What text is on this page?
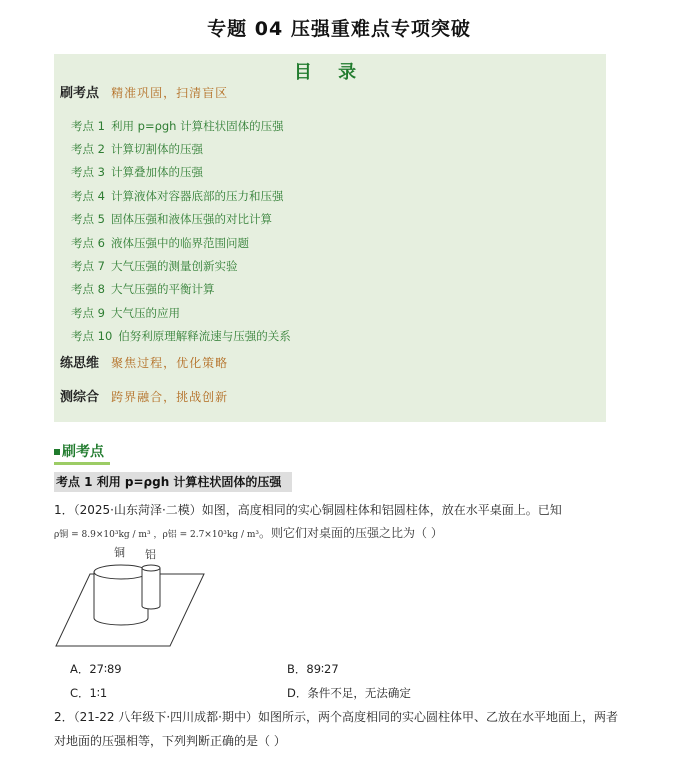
专题 04 压强重难点专项突破
目 录
刷考点 精准巩固，扫清盲区
考点 1 利用 p=ρgh 计算柱状固体的压强
考点 2 计算切割体的压强
考点 3 计算叠加体的压强
考点 4 计算液体对容器底部的压力和压强
考点 5 固体压强和液体压强的对比计算
考点 6 液体压强中的临界范围问题
考点 7 大气压强的测量创新实验
考点 8 大气压强的平衡计算
考点 9 大气压的应用
考点 10 伯努利原理解释流速与压强的关系
练思维 聚焦过程，优化策略
测综合 跨界融合，挑战创新
刷考点
考点 1 利用 p=ρgh 计算柱状固体的压强
1．（2025·山东菏泽·二模）如图，高度相同的实心铜圆柱体和铝圆柱体，放在水平桌面上。已知
ρ铜 = 8.9×10³kg / m³ ，ρ铝 = 2.7×10³kg / m³。则它们对桌面的压强之比为（ ）
铜 铝
A．27∶89	B．89∶27
C．1∶1	D．条件不足，无法确定
2．（21-22 八年级下·四川成都·期中）如图所示，两个高度相同的实心圆柱体甲、乙放在水平地面上，两者
对地面的压强相等，下列判断正确的是（ ）
